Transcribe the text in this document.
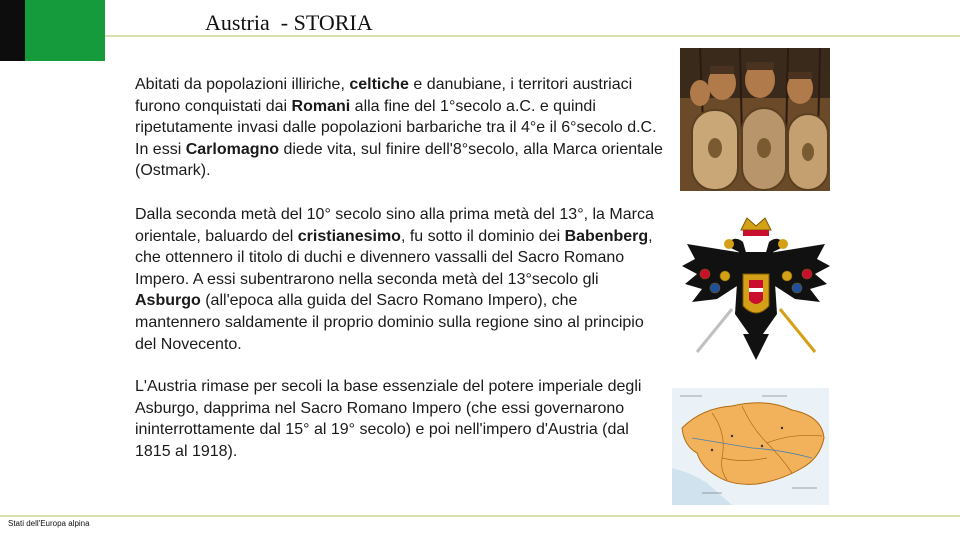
Austria  - STORIA

Abitati da popolazioni illiriche, celtiche e danubiane, i territori austriaci furono conquistati dai Romani alla fine del 1°secolo a.C. e quindi ripetutamente invasi dalle popolazioni barbariche tra il 4°e il 6°secolo d.C. In essi Carlomagno diede vita, sul finire dell'8°secolo, alla Marca orientale (Ostmark).

Dalla seconda metà del 10° secolo sino alla prima metà del 13°, la Marca orientale, baluardo del cristianesimo, fu sotto il dominio dei Babenberg, che ottennero il titolo di duchi e divennero vassalli del Sacro Romano Impero. A essi subentrarono nella seconda metà del 13°secolo gli Asburgo (all'epoca alla guida del Sacro Romano Impero), che mantennero saldamente il proprio dominio sulla regione sino al principio del Novecento.

L'Austria rimase per secoli la base essenziale del potere imperiale degli Asburgo, dapprima nel Sacro Romano Impero (che essi governarono ininterrottamente dal 15° al 19° secolo) e poi nell'impero d'Austria (dal 1815 al 1918).

Stati dell'Europa alpina
